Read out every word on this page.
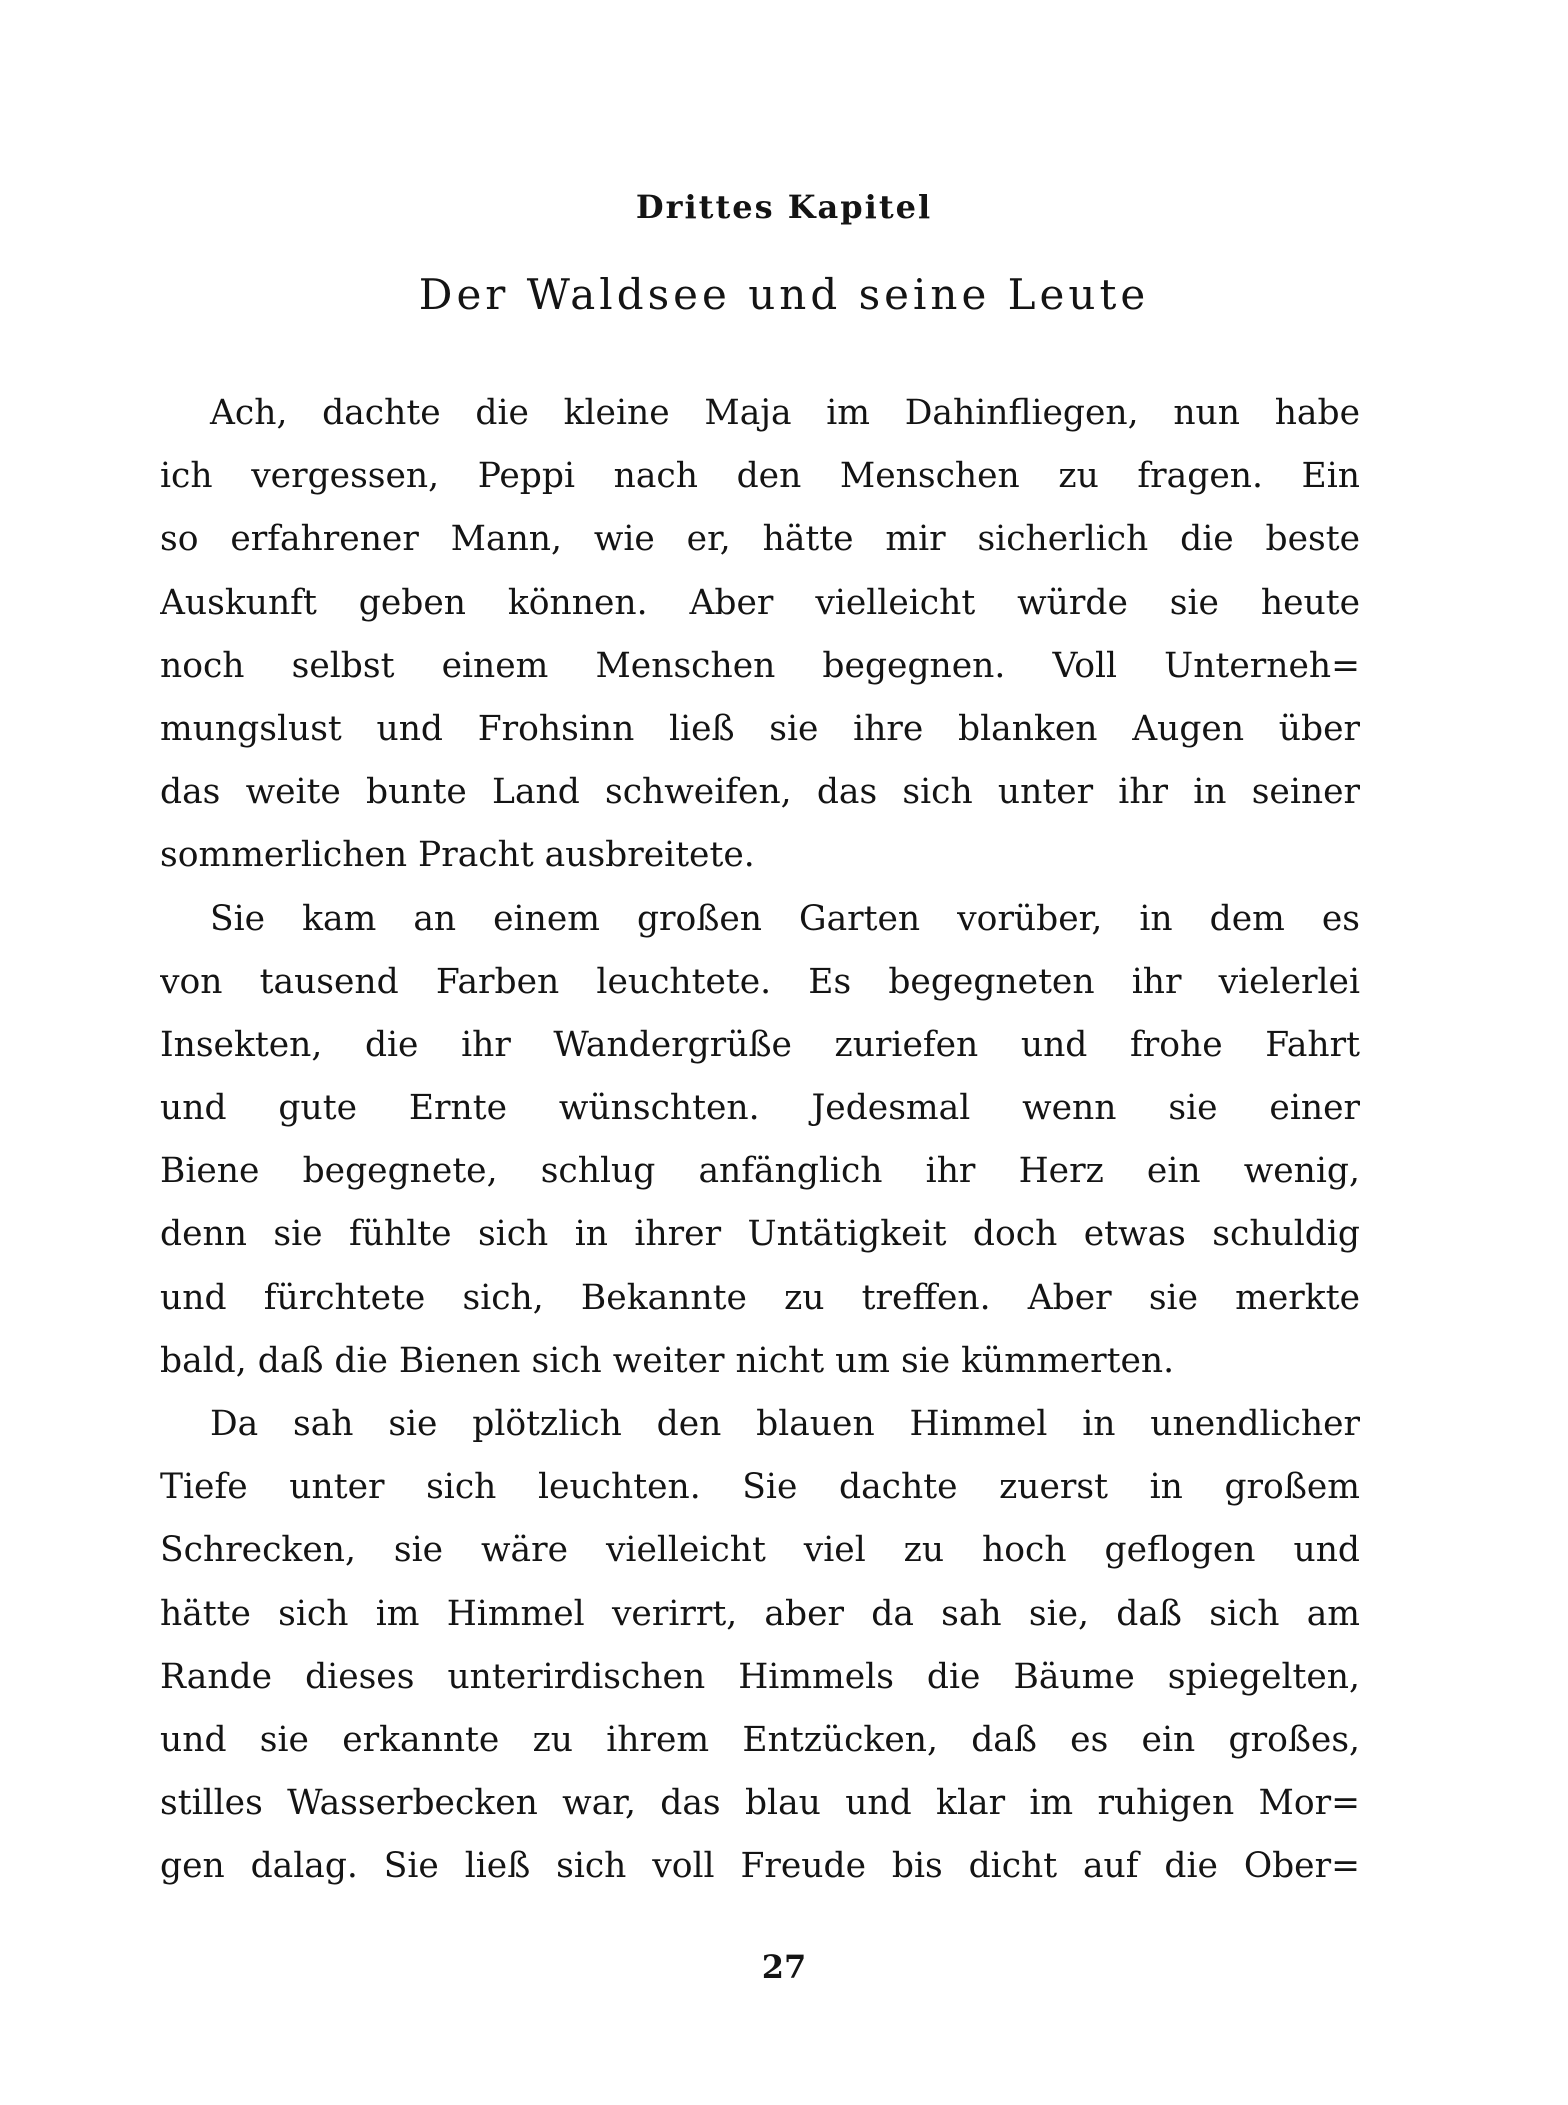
Drittes Kapitel
Der Waldsee und seine Leute
Ach, dachte die kleine Maja im Dahinfliegen, nun habe
ich vergessen, Peppi nach den Menschen zu fragen. Ein
so erfahrener Mann, wie er, hätte mir sicherlich die beste
Auskunft geben können. Aber vielleicht würde sie heute
noch selbst einem Menschen begegnen. Voll Unterneh=
mungslust und Frohsinn ließ sie ihre blanken Augen über
das weite bunte Land schweifen, das sich unter ihr in seiner
sommerlichen Pracht ausbreitete.
Sie kam an einem großen Garten vorüber, in dem es
von tausend Farben leuchtete. Es begegneten ihr vielerlei
Insekten, die ihr Wandergrüße zuriefen und frohe Fahrt
und gute Ernte wünschten. Jedesmal wenn sie einer
Biene begegnete, schlug anfänglich ihr Herz ein wenig,
denn sie fühlte sich in ihrer Untätigkeit doch etwas schuldig
und fürchtete sich, Bekannte zu treffen. Aber sie merkte
bald, daß die Bienen sich weiter nicht um sie kümmerten.
Da sah sie plötzlich den blauen Himmel in unendlicher
Tiefe unter sich leuchten. Sie dachte zuerst in großem
Schrecken, sie wäre vielleicht viel zu hoch geflogen und
hätte sich im Himmel verirrt, aber da sah sie, daß sich am
Rande dieses unterirdischen Himmels die Bäume spiegelten,
und sie erkannte zu ihrem Entzücken, daß es ein großes,
stilles Wasserbecken war, das blau und klar im ruhigen Mor=
gen dalag. Sie ließ sich voll Freude bis dicht auf die Ober=
27
